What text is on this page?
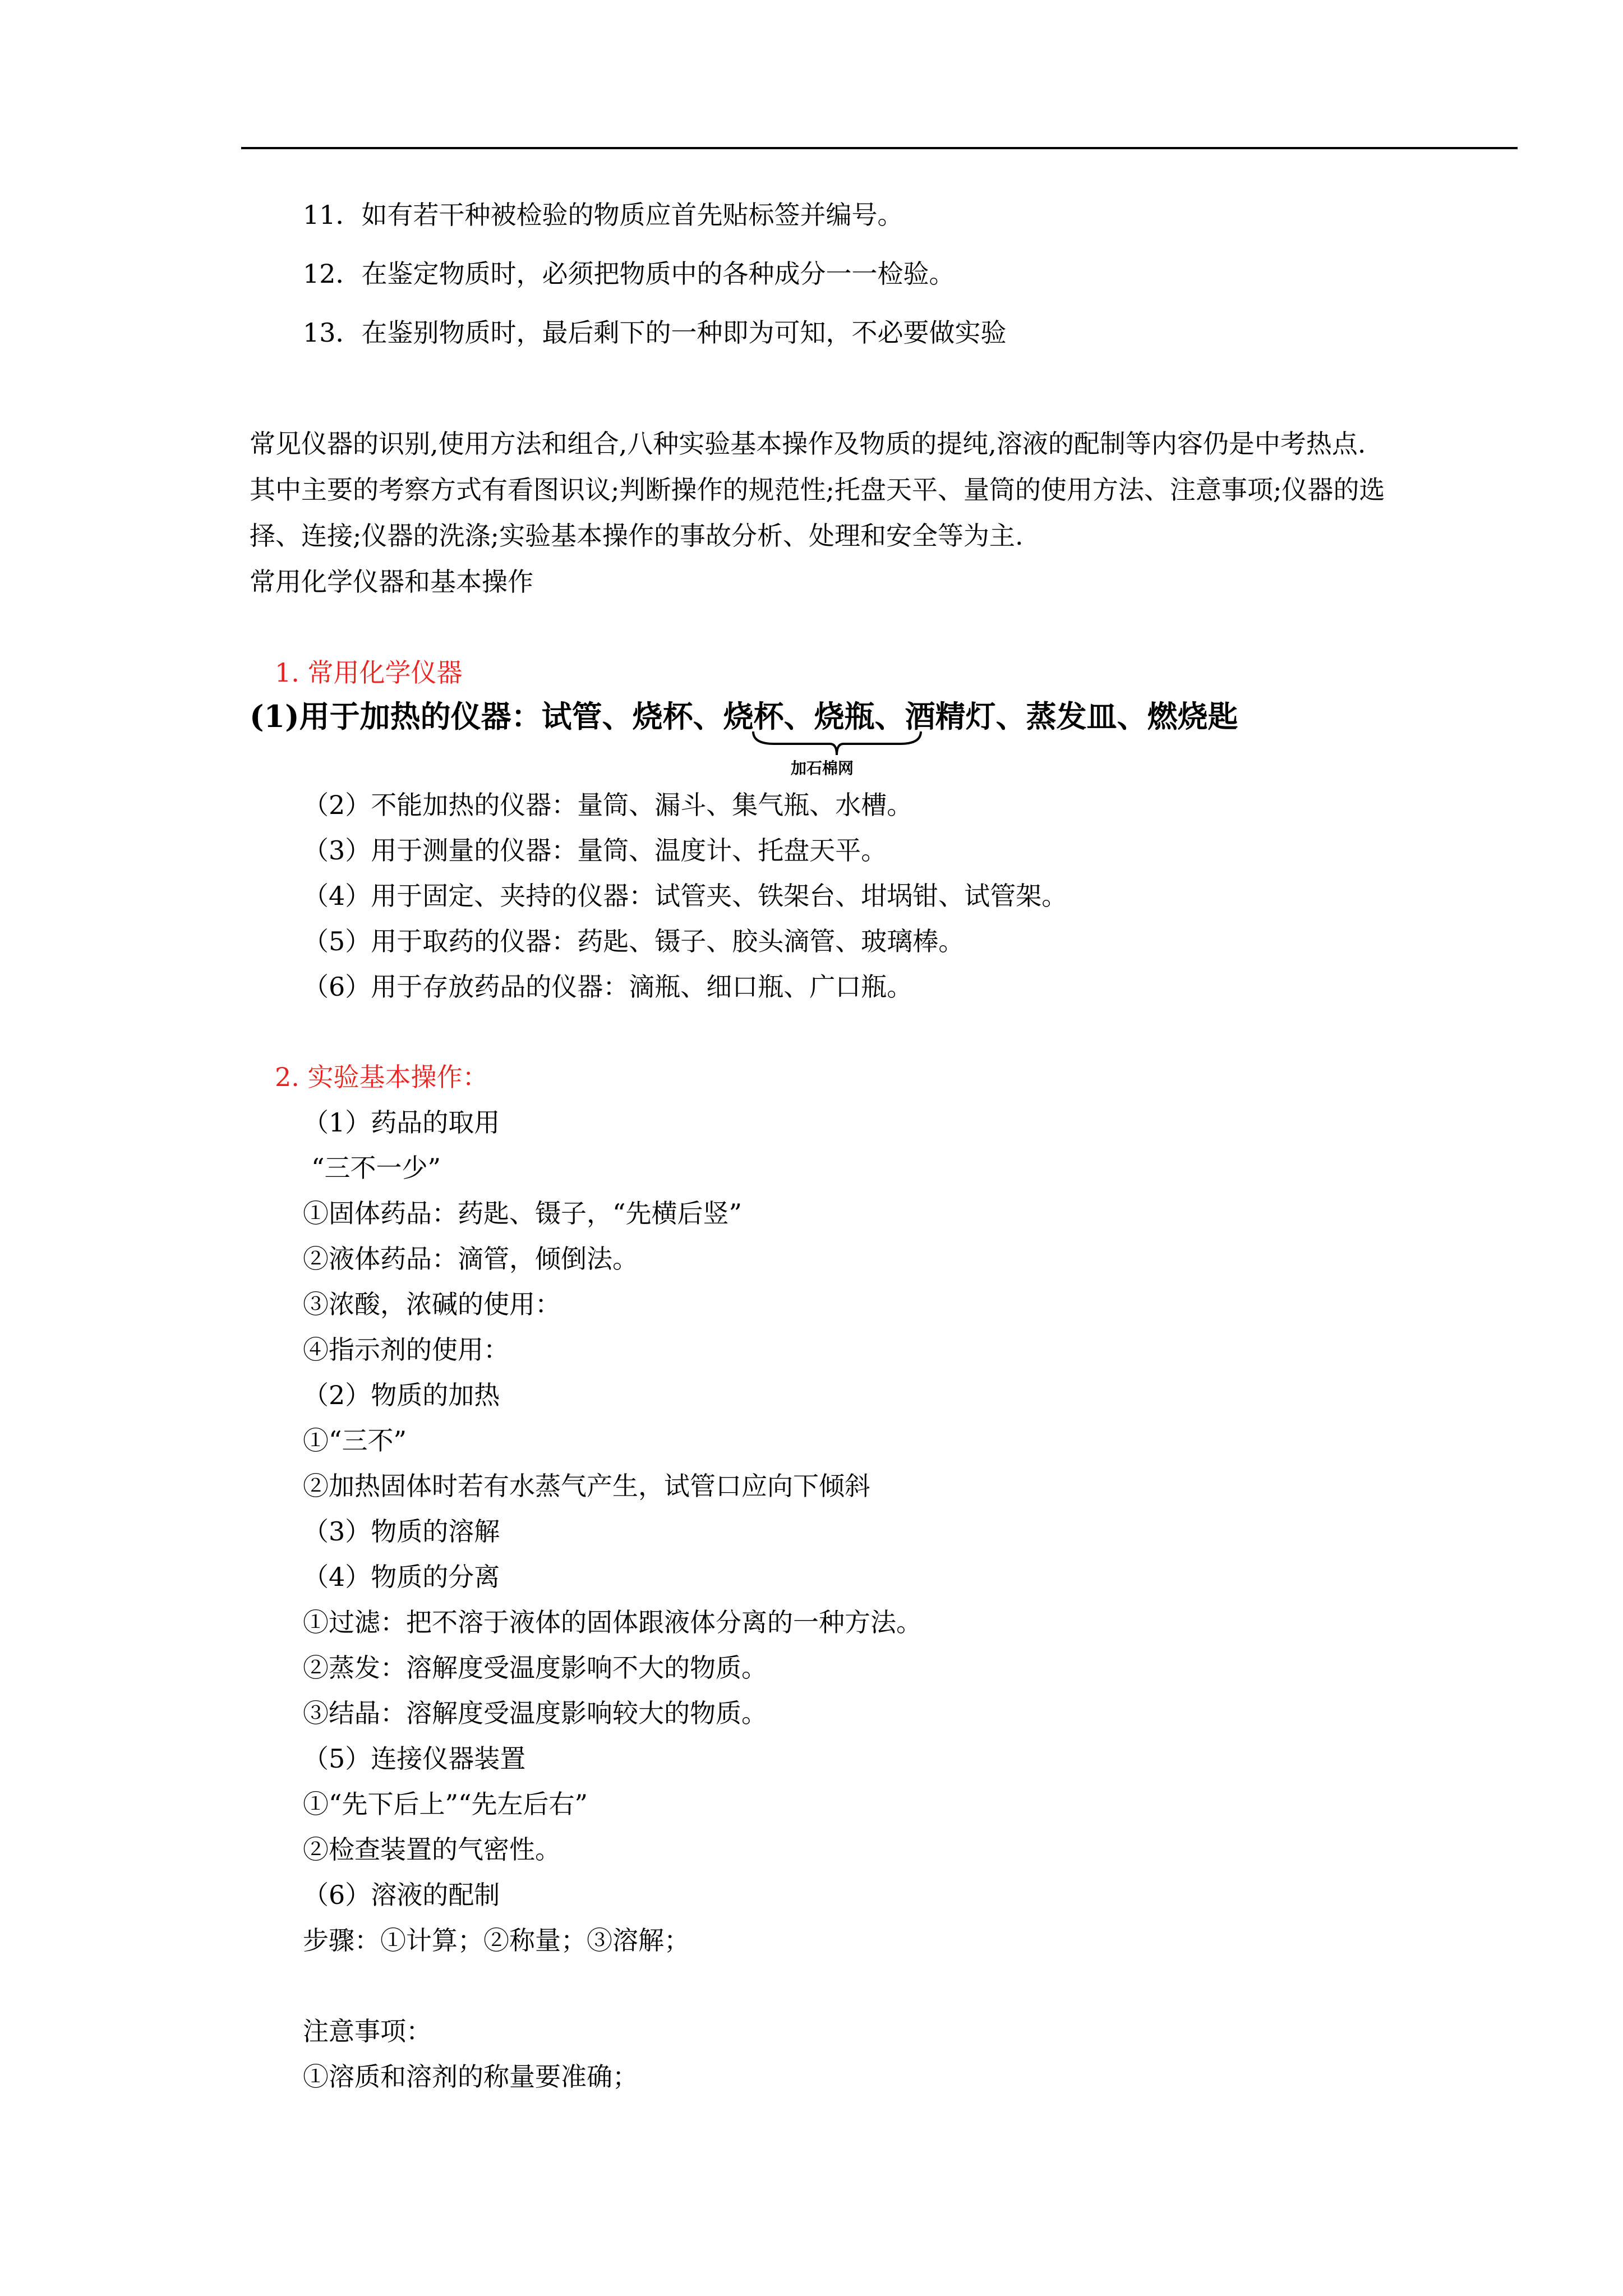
11．如有若干种被检验的物质应首先贴标签并编号。
12．在鉴定物质时，必须把物质中的各种成分一一检验。
13．在鉴别物质时，最后剩下的一种即为可知，不必要做实验
常见仪器的识别,使用方法和组合,八种实验基本操作及物质的提纯,溶液的配制等内容仍是中考热点.
其中主要的考察方式有看图识议;判断操作的规范性;托盘天平、量筒的使用方法、注意事项;仪器的选
择、连接;仪器的洗涤;实验基本操作的事故分析、处理和安全等为主.
常用化学仪器和基本操作
1. 常用化学仪器
(1)用于加热的仪器：试管、烧杯、烧杯、烧瓶、酒精灯、蒸发皿、燃烧匙
加石棉网
（2）不能加热的仪器：量筒、漏斗、集气瓶、水槽。
（3）用于测量的仪器：量筒、温度计、托盘天平。
（4）用于固定、夹持的仪器：试管夹、铁架台、坩埚钳、试管架。
（5）用于取药的仪器：药匙、镊子、胶头滴管、玻璃棒。
（6）用于存放药品的仪器：滴瓶、细口瓶、广口瓶。
2. 实验基本操作：
（1）药品的取用
“三不一少”
①固体药品：药匙、镊子，“先横后竖”
②液体药品：滴管，倾倒法。
③浓酸，浓碱的使用：
④指示剂的使用：
（2）物质的加热
①“三不”
②加热固体时若有水蒸气产生，试管口应向下倾斜
（3）物质的溶解
（4）物质的分离
①过滤：把不溶于液体的固体跟液体分离的一种方法。
②蒸发：溶解度受温度影响不大的物质。
③结晶：溶解度受温度影响较大的物质。
（5）连接仪器装置
①“先下后上”“先左后右”
②检查装置的气密性。
（6）溶液的配制
步骤：①计算；②称量；③溶解；
注意事项：
①溶质和溶剂的称量要准确；
